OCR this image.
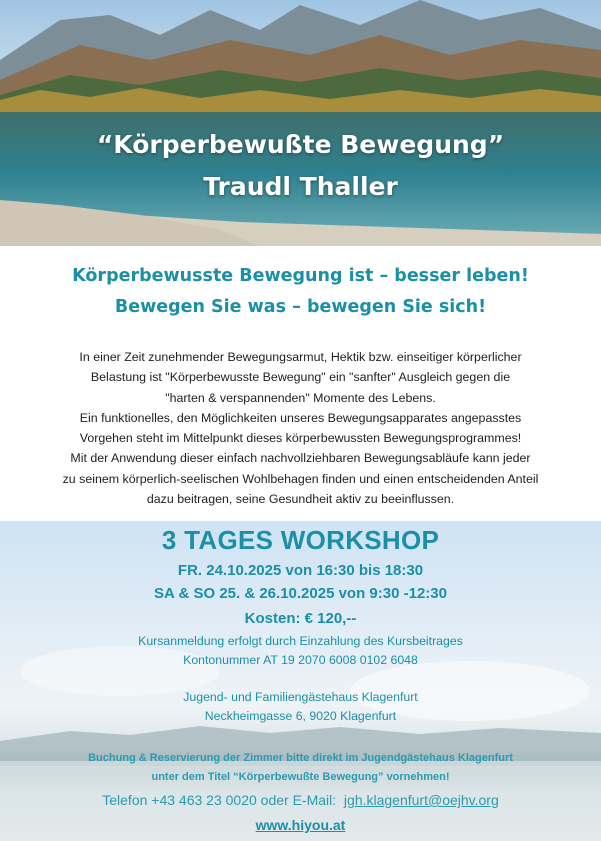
“Körperbewußte Bewegung”
Traudl Thaller
Körperbewusste Bewegung ist – besser leben!
Bewegen Sie was – bewegen Sie sich!

In einer Zeit zunehmender Bewegungsarmut, Hektik bzw. einseitiger körperlicher

Belastung ist "Körperbewusste Bewegung" ein "sanfter" Ausgleich gegen die

"harten & verspannenden" Momente des Lebens.

Ein funktionelles, den Möglichkeiten unseres Bewegungsapparates angepasstes

Vorgehen steht im Mittelpunkt dieses körperbewussten Bewegungsprogrammes!

Mit der Anwendung dieser einfach nachvollziehbaren Bewegungsabläufe kann jeder

zu seinem körperlich-seelischen Wohlbehagen finden und einen entscheidenden Anteil

dazu beitragen, seine Gesundheit aktiv zu beeinflussen.

3 TAGES WORKSHOP
FR. 24.10.2025 von 16:30 bis 18:30
SA & SO 25. & 26.10.2025 von 9:30 -12:30
Kosten: € 120,--
Kursanmeldung erfolgt durch Einzahlung des Kursbeitrages
Kontonummer AT 19 2070 6008 0102 6048
Jugend- und Familiengästehaus Klagenfurt
Neckheimgasse 6, 9020 Klagenfurt
Buchung & Reservierung der Zimmer bitte direkt im Jugendgästehaus Klagenfurt
unter dem Titel “Körperbewußte Bewegung” vornehmen!
Telefon +43 463 23 0020 oder E-Mail: jgh.klagenfurt@oejhv.org
www.hiyou.at
